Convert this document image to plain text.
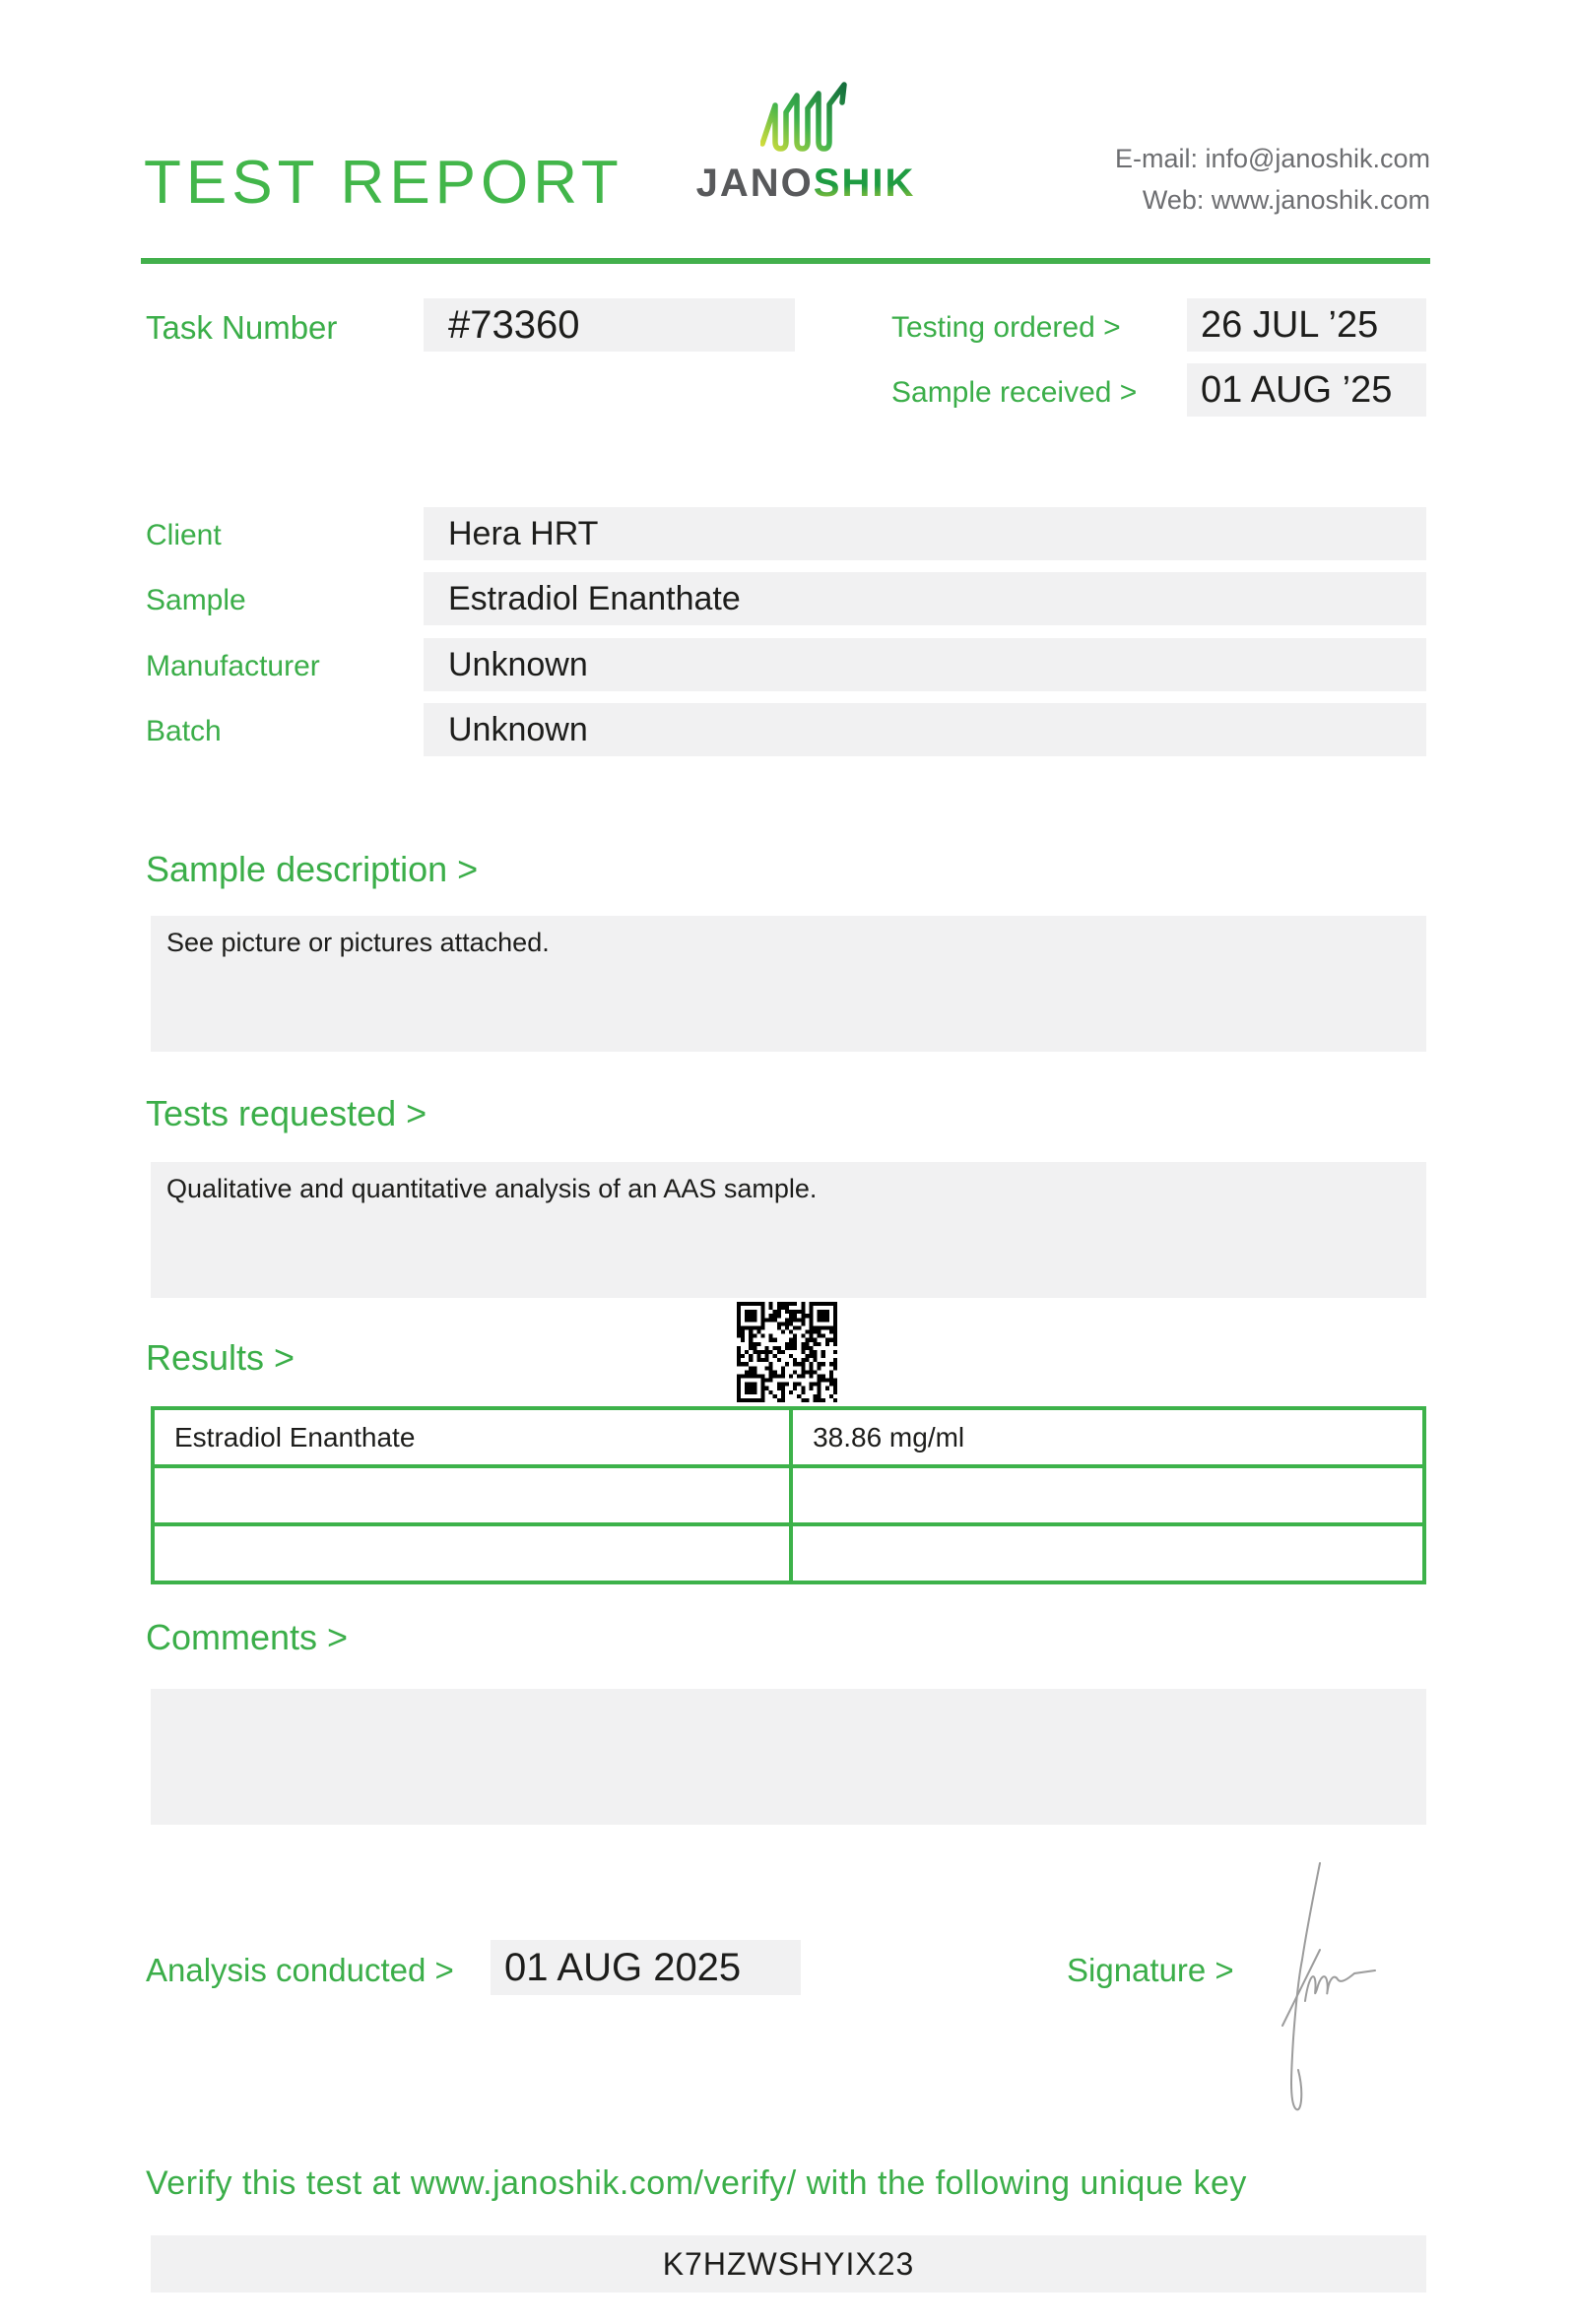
TEST REPORT JANOSHIK
E-mail: info@janoshik.com
Web: www.janoshik.com
Task Number	#73360	Testing ordered > 26 JUL ’25
Sample received > 01 AUG ’25
Client	Hera HRT
Sample	Estradiol Enanthate
Manufacturer	Unknown
Batch	Unknown
Sample description >
See picture or pictures attached.
Tests requested >
Qualitative and quantitative analysis of an AAS sample.
Results >
Estradiol Enanthate	38.86 mg/ml

Comments >
Analysis conducted > 01 AUG 2025	Signature >
Verify this test at www.janoshik.com/verify/ with the following unique key
K7HZWSHYIX23
